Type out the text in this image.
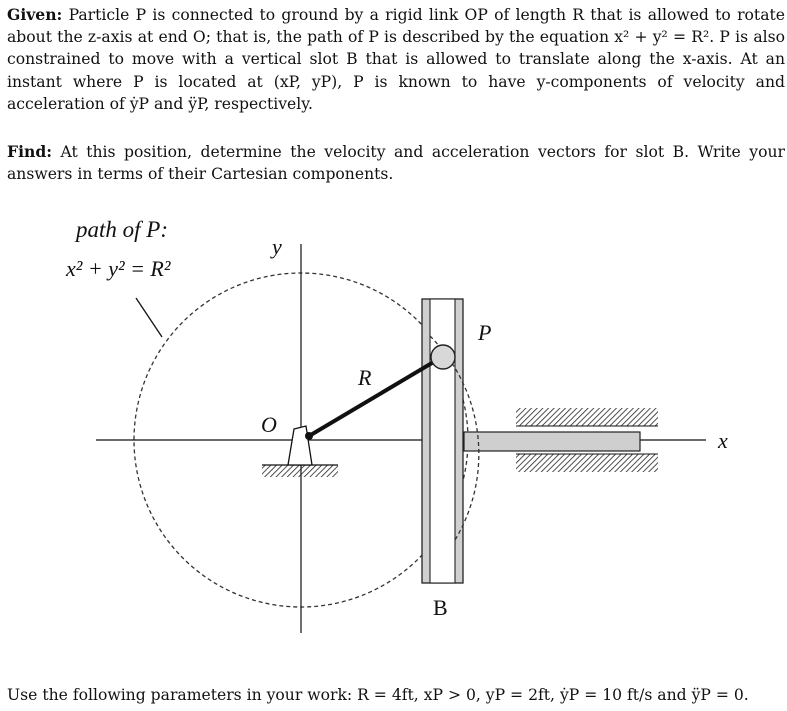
Given: Particle P is connected to ground by a rigid link OP of length R that is allowed to rotate about the z-axis at end O; that is, the path of P is described by the equation x² + y² = R². P is also constrained to move with a vertical slot B that is allowed to translate along the x-axis. At an instant where P is located at (xP, yP), P is known to have y-components of velocity and acceleration of ẏP and ÿP, respectively.
Find: At this position, determine the velocity and acceleration vectors for slot B. Write your answers in terms of their Cartesian components.
path of P:
x² + y² = R²
y
x
O
R
P
B
Use the following parameters in your work: R = 4ft, xP > 0, yP = 2ft, ẏP = 10 ft/s and ÿP = 0.
